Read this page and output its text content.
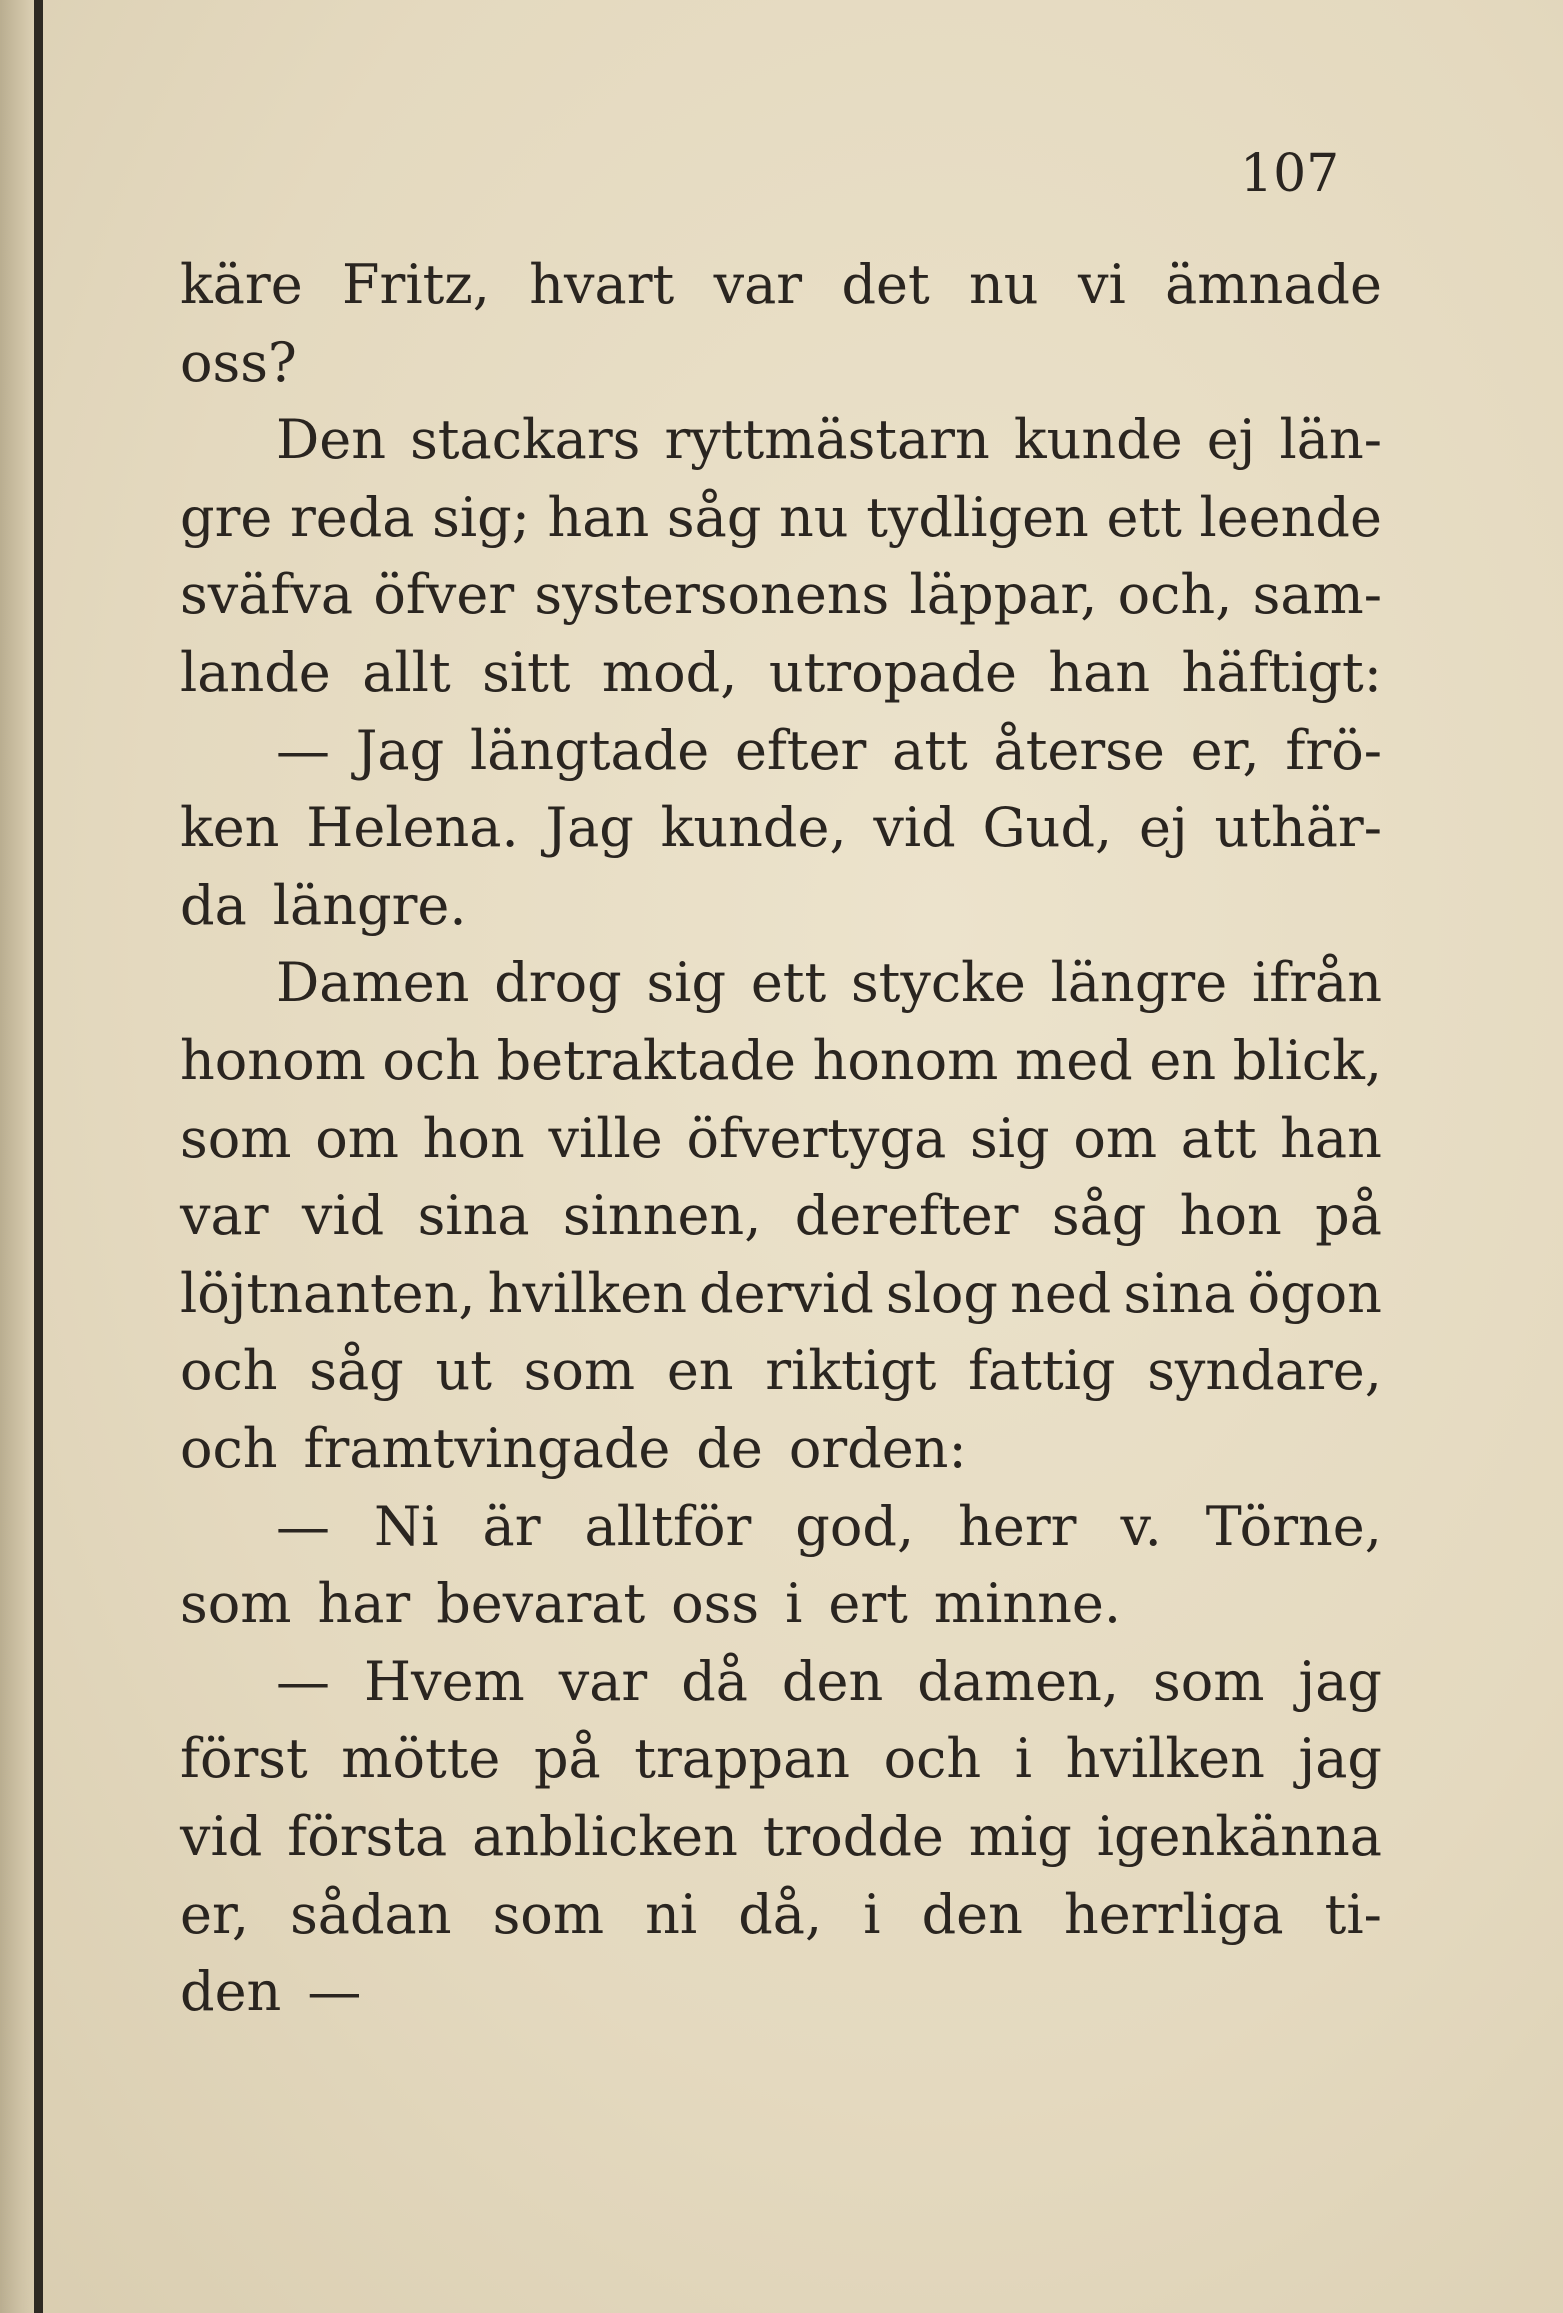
107
käre Fritz, hvart var det nu vi ämnade
oss?
Den stackars ryttmästarn kunde ej län-
gre reda sig; han såg nu tydligen ett leende
sväfva öfver systersonens läppar, och, sam-
lande allt sitt mod, utropade han häftigt:
— Jag längtade efter att återse er, frö-
ken Helena. Jag kunde, vid Gud, ej uthär-
da längre.
Damen drog sig ett stycke längre ifrån
honom och betraktade honom med en blick,
som om hon ville öfvertyga sig om att han
var vid sina sinnen, derefter såg hon på
löjtnanten, hvilken dervid slog ned sina ögon
och såg ut som en riktigt fattig syndare,
och framtvingade de orden:
— Ni är alltför god, herr v. Törne,
som har bevarat oss i ert minne.
— Hvem var då den damen, som jag
först mötte på trappan och i hvilken jag
vid första anblicken trodde mig igenkänna
er, sådan som ni då, i den herrliga ti-
den —
